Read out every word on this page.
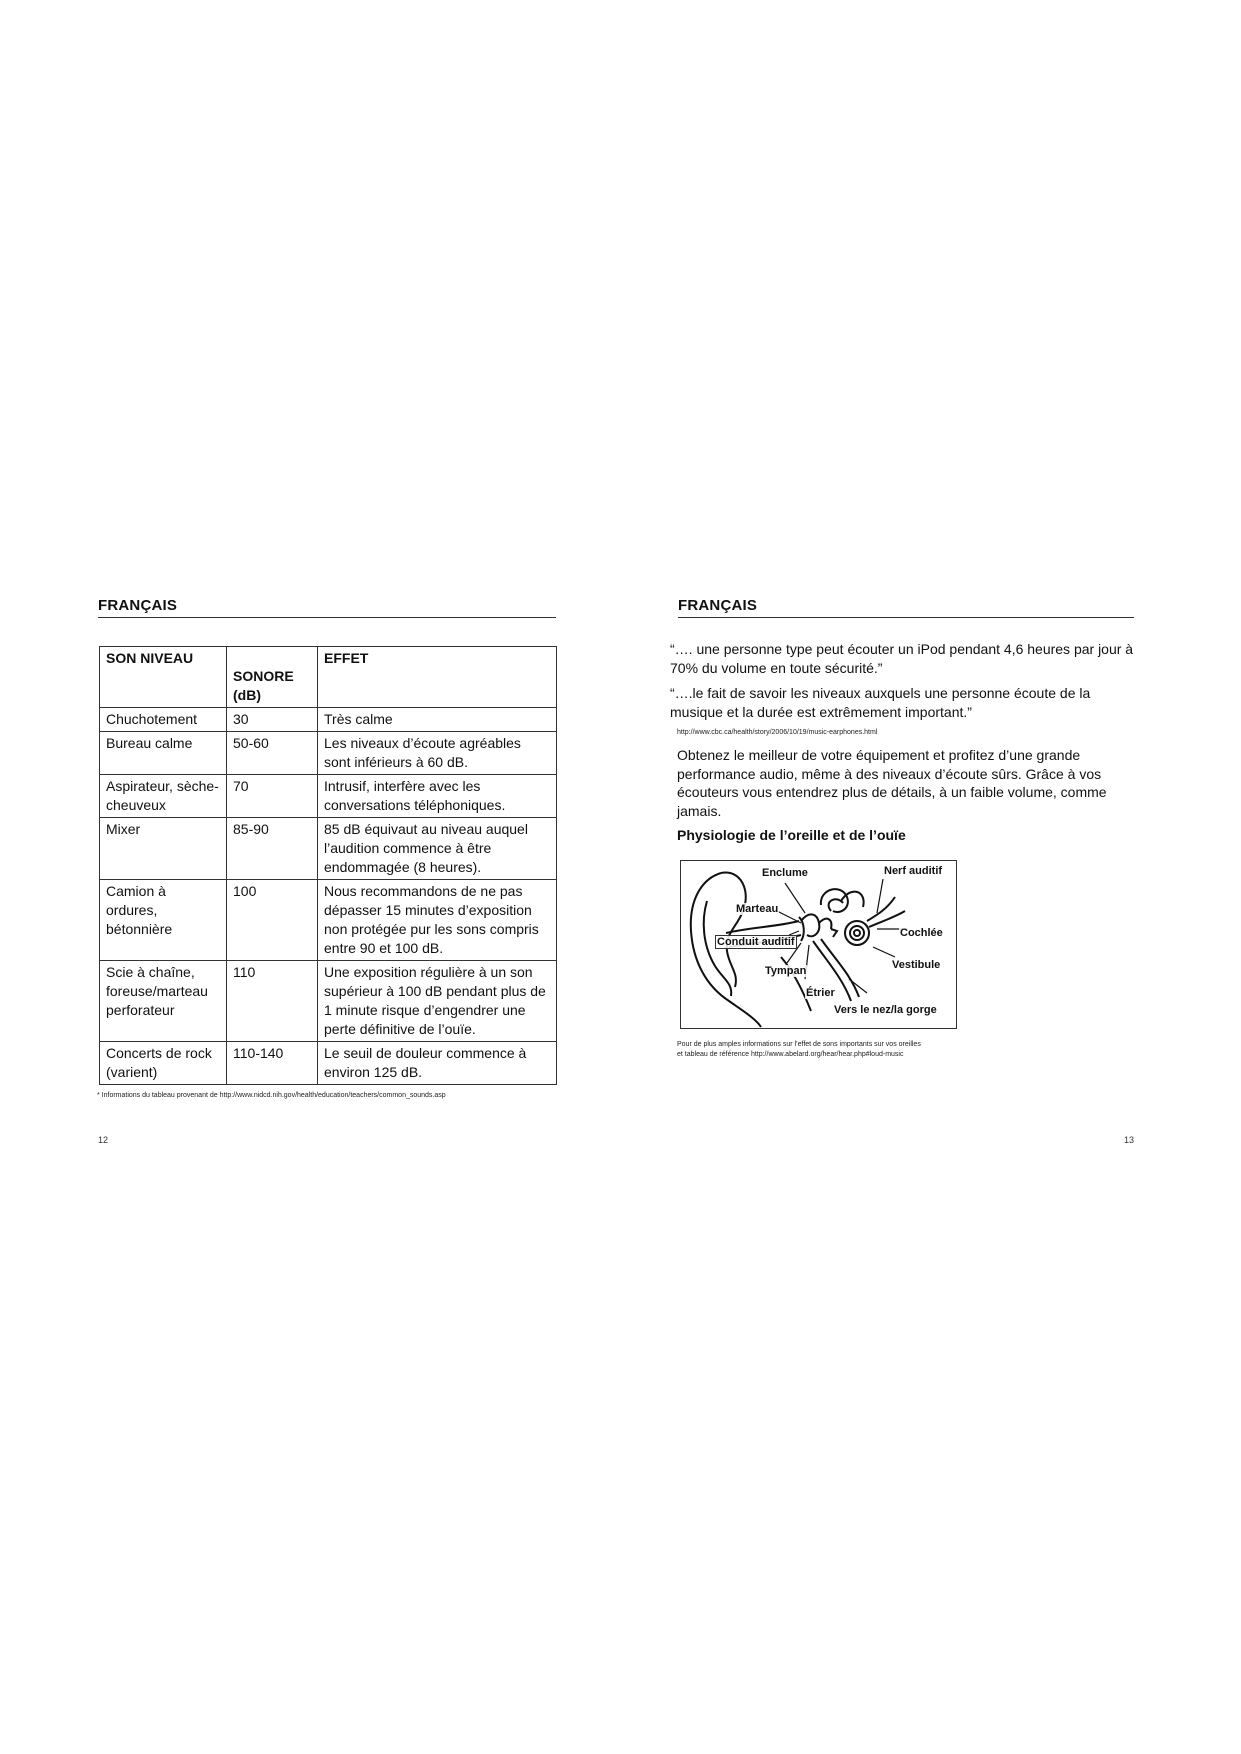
FRANÇAIS
SON NIVEAU	SONORE (dB)	EFFET
Chuchotement	30	Très calme
Bureau calme	50-60	Les niveaux d’écoute agréables sont inférieurs à 60 dB.
Aspirateur, sèche-cheuveux	70	Intrusif, interfère avec les conversations téléphoniques.
Mixer	85-90	85 dB équivaut au niveau auquel l’audition commence à être endommagée (8 heures).
Camion à ordures, bétonnière	100	Nous recommandons de ne pas dépasser 15 minutes d’exposition non protégée pur les sons compris entre 90 et 100 dB.
Scie à chaîne, foreuse/marteau perforateur	110	Une exposition régulière à un son supérieur à 100 dB pendant plus de 1 minute risque d’engendrer une perte définitive de l’ouïe.
Concerts de rock (varient)	110-140	Le seuil de douleur commence à environ 125 dB.
* Informations du tableau provenant de http://www.nidcd.nih.gov/health/education/teachers/common_sounds.asp
12
FRANÇAIS
“…. une personne type peut écouter un iPod pendant 4,6 heures par jour à 70% du volume en toute sécurité.”
“….le fait de savoir les niveaux auxquels une personne écoute de la musique et la durée est extrêmement important.”
http://www.cbc.ca/health/story/2006/10/19/music-earphones.html
Obtenez le meilleur de votre équipement et profitez d’une grande performance audio, même à des niveaux d’écoute sûrs. Grâce à vos écouteurs vous entendrez plus de détails, à un faible volume, comme jamais.
Physiologie de l’oreille et de l’ouïe
Enclume	Nerf auditif
Marteau
Conduit auditif
Cochlée
Vestibule
Tympan
Étrier
Vers le nez/la gorge
Pour de plus amples informations sur l’effet de sons importants sur vos oreilles
et tableau de référence http://www.abelard.org/hear/hear.php#loud-music
13
